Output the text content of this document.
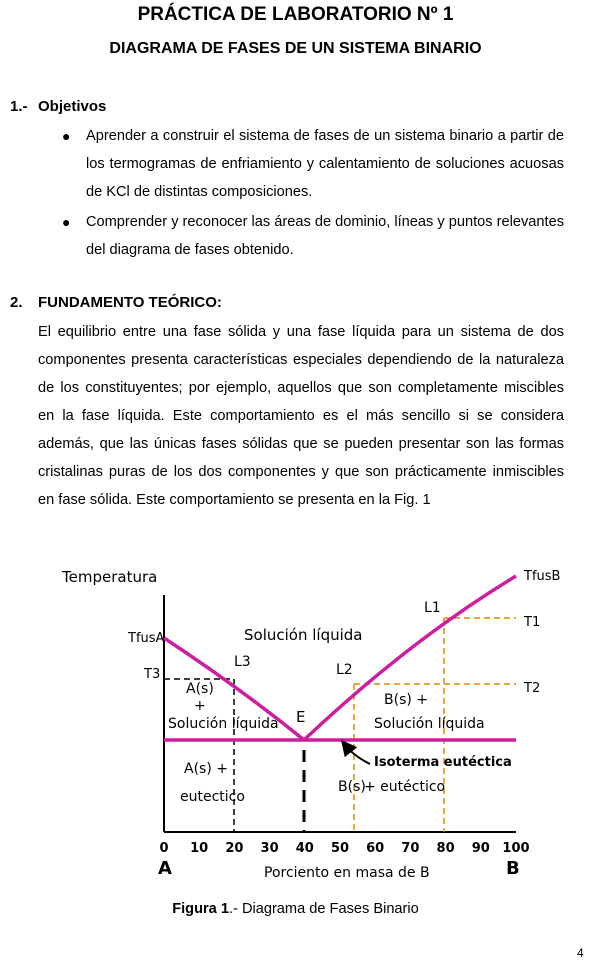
PRÁCTICA DE LABORATORIO Nº 1
DIAGRAMA DE FASES DE UN SISTEMA BINARIO
1.- Objetivos
● Aprender a construir el sistema de fases de un sistema binario a partir de los termogramas de enfriamiento y calentamiento de soluciones acuosas de KCl de distintas composiciones.
● Comprender y reconocer las áreas de dominio, líneas y puntos relevantes del diagrama de fases obtenido.
2. FUNDAMENTO TEÓRICO:
El equilibrio entre una fase sólida y una fase líquida para un sistema de dos componentes presenta características especiales dependiendo de la naturaleza de los constituyentes; por ejemplo, aquellos que son completamente miscibles en la fase líquida. Este comportamiento es el más sencillo si se considera además, que las únicas fases sólidas que se pueden presentar son las formas cristalinas puras de los dos componentes y que son prácticamente inmiscibles en fase sólida. Este comportamiento se presenta en la Fig. 1
Temperatura
TfusA
TfusB
T1
T2
T3
L1
L2
L3
E
Solución líquida
A(s)
+
Solución líquida
B(s) +
Solución líquida
A(s) +
eutectico
B(s)
+ eutéctico
Isoterma eutéctica
0 10 20 30 40 50 60 70 80 90 100
A	B
Porciento en masa de B
Figura 1.- Diagrama de Fases Binario
4
